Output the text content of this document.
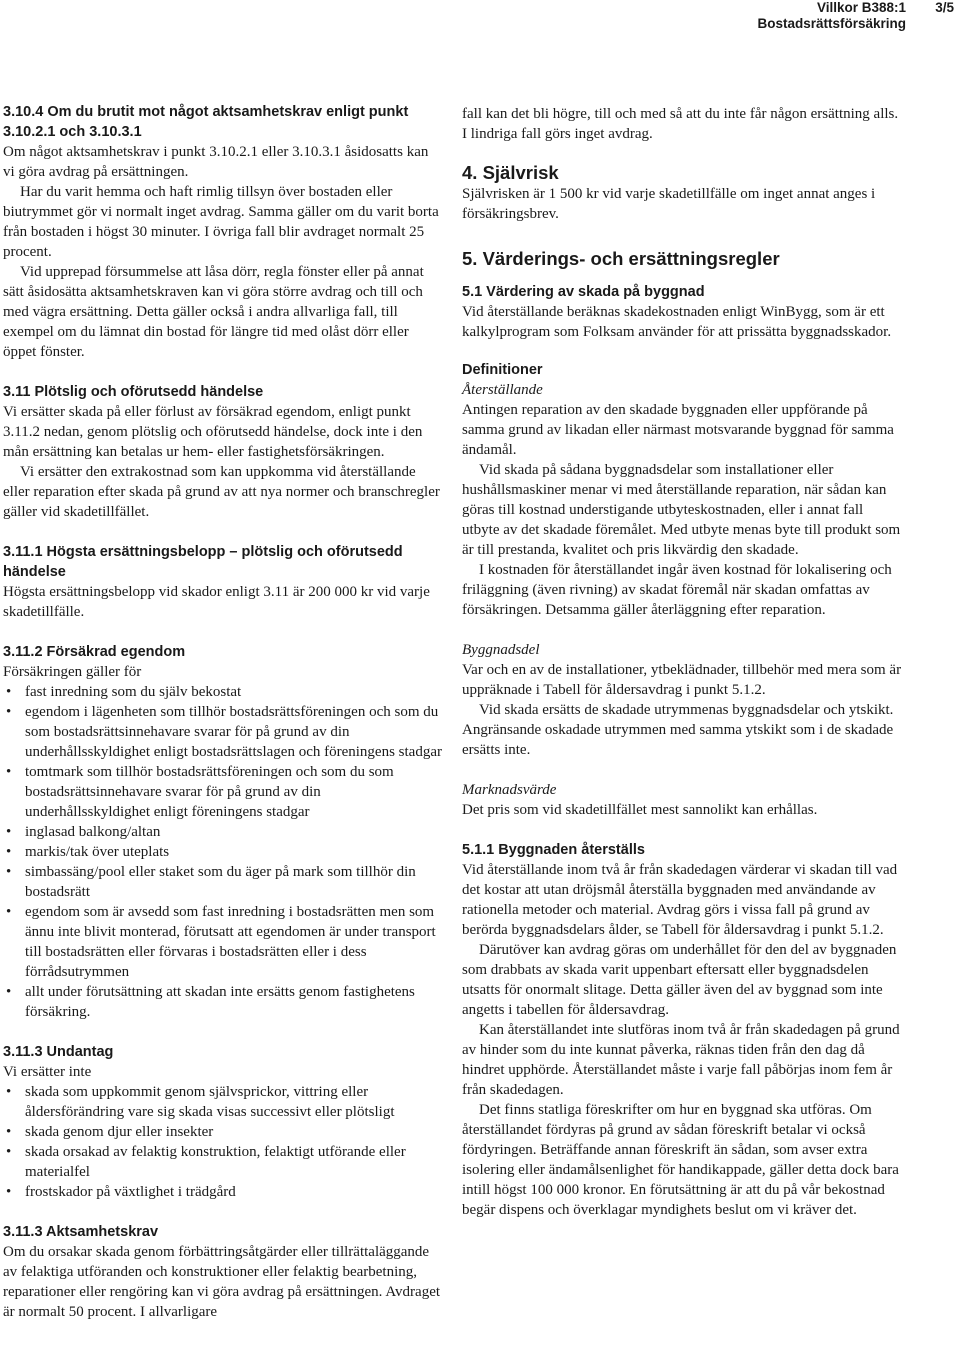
Villkor B388:1
Bostadsrättsförsäkring
3/5
3.10.4 Om du brutit mot något aktsamhetskrav enligt punkt 3.10.2.1 och 3.10.3.1

Om något aktsamhetskrav i punkt 3.10.2.1 eller 3.10.3.1 åsidosatts kan vi göra avdrag på ersättningen.

Har du varit hemma och haft rimlig tillsyn över bostaden eller biutrymmet gör vi normalt inget avdrag. Samma gäller om du varit borta från bostaden i högst 30 minuter. I övriga fall blir avdraget normalt 25 procent.

Vid upprepad försummelse att låsa dörr, regla fönster eller på annat sätt åsidosätta aktsamhetskraven kan vi göra större avdrag och till och med vägra ersättning. Detta gäller också i andra allvarliga fall, till exempel om du lämnat din bostad för längre tid med olåst dörr eller öppet fönster.

3.11 Plötslig och oförutsedd händelse

Vi ersätter skada på eller förlust av försäkrad egendom, enligt punkt 3.11.2 nedan, genom plötslig och oförutsedd händelse, dock inte i den mån ersättning kan betalas ur hem- eller fastighetsförsäkringen.

Vi ersätter den extrakostnad som kan uppkomma vid återställande eller reparation efter skada på grund av att nya normer och branschregler gäller vid skadetillfället.

3.11.1 Högsta ersättningsbelopp – plötslig och oförutsedd händelse

Högsta ersättningsbelopp vid skador enligt 3.11 är 200 000 kr vid varje skadetillfälle.

3.11.2 Försäkrad egendom

Försäkringen gäller för

• fast inredning som du själv bekostat
• egendom i lägenheten som tillhör bostadsrättsföreningen och som du som bostadsrättsinnehavare svarar för på grund av din underhållsskyldighet enligt bostadsrättslagen och föreningens stadgar
• tomtmark som tillhör bostadsrättsföreningen och som du som bostadsrättsinnehavare svarar för på grund av din underhållsskyldighet enligt föreningens stadgar
• inglasad balkong/altan
• markis/tak över uteplats
• simbassäng/pool eller staket som du äger på mark som tillhör din bostadsrätt
• egendom som är avsedd som fast inredning i bostadsrätten men som ännu inte blivit monterad, förutsatt att egendomen är under transport till bostadsrätten eller förvaras i bostadsrätten eller i dess förrådsutrymmen
• allt under förutsättning att skadan inte ersätts genom fastighetens försäkring.
3.11.3 Undantag

Vi ersätter inte

• skada som uppkommit genom självsprickor, vittring eller åldersförändring vare sig skada visas successivt eller plötsligt
• skada genom djur eller insekter
• skada orsakad av felaktig konstruktion, felaktigt utförande eller materialfel
• frostskador på växtlighet i trädgård
3.11.3 Aktsamhetskrav

Om du orsakar skada genom förbättringsåtgärder eller tillrättaläggande av felaktiga utföranden och konstruktioner eller felaktig bearbetning, reparationer eller rengöring kan vi göra avdrag på ersättningen. Avdraget är normalt 50 procent. I allvarligare

fall kan det bli högre, till och med så att du inte får någon ersättning alls. I lindriga fall görs inget avdrag.

4. Självrisk

Självrisken är 1 500 kr vid varje skadetillfälle om inget annat anges i försäkringsbrev.

5. Värderings- och ersättningsregler
5.1 Värdering av skada på byggnad

Vid återställande beräknas skadekostnaden enligt WinBygg, som är ett kalkylprogram som Folksam använder för att prissätta byggnadsskador.

Definitioner

Återställande

Antingen reparation av den skadade byggnaden eller uppförande på samma grund av likadan eller närmast motsvarande byggnad för samma ändamål.

Vid skada på sådana byggnadsdelar som installationer eller hushållsmaskiner menar vi med återställande reparation, när sådan kan göras till kostnad understigande utbyteskostnaden, eller i annat fall utbyte av det skadade föremålet. Med utbyte menas byte till produkt som är till prestanda, kvalitet och pris likvärdig den skadade.

I kostnaden för återställandet ingår även kostnad för lokalisering och friläggning (även rivning) av skadat föremål när skadan omfattas av försäkringen. Detsamma gäller återläggning efter reparation.

Byggnadsdel

Var och en av de installationer, ytbeklädnader, tillbehör med mera som är uppräknade i Tabell för åldersavdrag i punkt 5.1.2.

Vid skada ersätts de skadade utrymmenas byggnadsdelar och ytskikt. Angränsande oskadade utrymmen med samma ytskikt som i de skadade ersätts inte.

Marknadsvärde

Det pris som vid skadetillfället mest sannolikt kan erhållas.

5.1.1 Byggnaden återställs

Vid återställande inom två år från skadedagen värderar vi skadan till vad det kostar att utan dröjsmål återställa byggnaden med användande av rationella metoder och material. Avdrag görs i vissa fall på grund av berörda byggnadsdelars ålder, se Tabell för åldersavdrag i punkt 5.1.2.

Därutöver kan avdrag göras om underhållet för den del av byggnaden som drabbats av skada varit uppenbart eftersatt eller byggnadsdelen utsatts för onormalt slitage. Detta gäller även del av byggnad som inte angetts i tabellen för åldersavdrag.

Kan återställandet inte slutföras inom två år från skadedagen på grund av hinder som du inte kunnat påverka, räknas tiden från den dag då hindret upphörde. Återställandet måste i varje fall påbörjas inom fem år från skadedagen.

Det finns statliga föreskrifter om hur en byggnad ska utföras. Om återställandet fördyras på grund av sådan föreskrift betalar vi också fördyringen. Beträffande annan föreskrift än sådan, som avser extra isolering eller ändamålsenlighet för handikappade, gäller detta dock bara intill högst 100 000 kronor. En förutsättning är att du på vår bekostnad begär dispens och överklagar myndighets beslut om vi kräver det.
